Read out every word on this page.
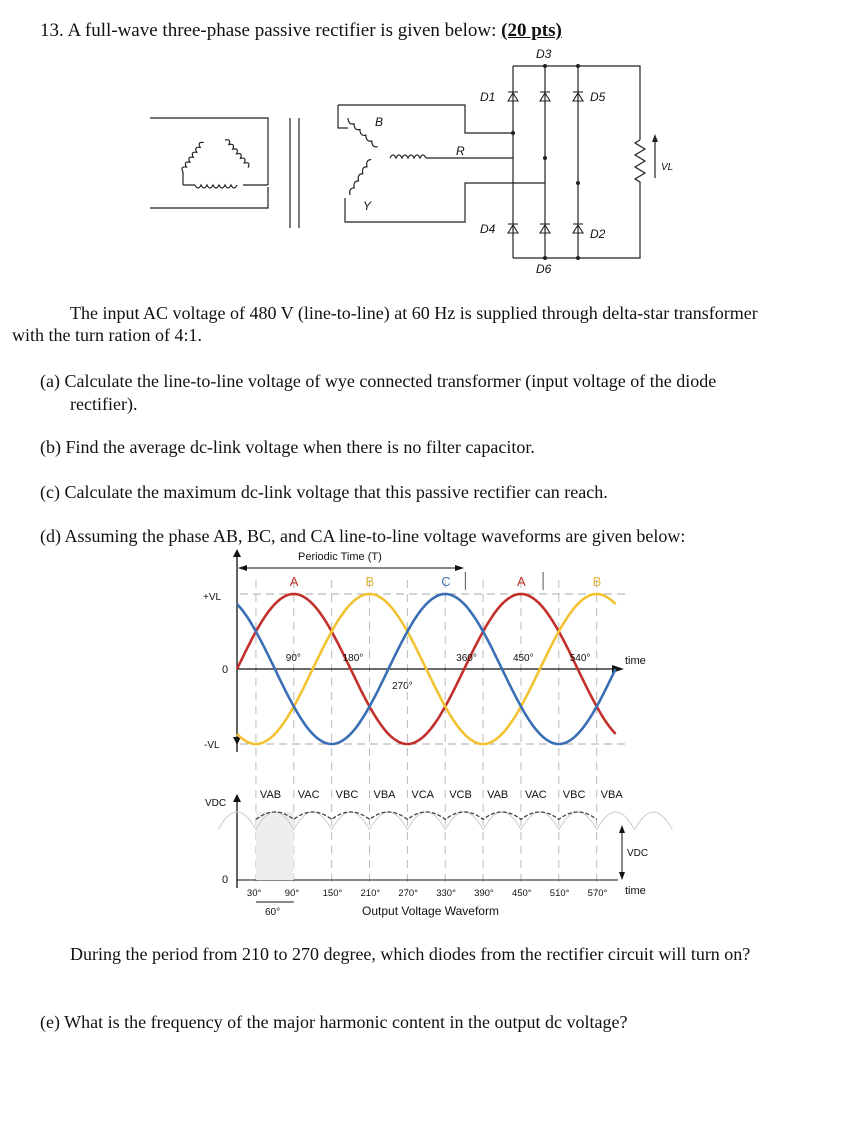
13. A full-wave three-phase passive rectifier is given below: (20 pts)
D3
D1	D5
D4	D2
D6
B
Y
R
VL
The input AC voltage of 480 V (line-to-line) at 60 Hz is supplied through delta-star transformer
with the turn ration of 4:1.
(a) Calculate the line-to-line voltage of wye connected transformer (input voltage of the diode
rectifier).
(b) Find the average dc-link voltage when there is no filter capacitor.
(c) Calculate the maximum dc-link voltage that this passive rectifier can reach.
(d) Assuming the phase AB, BC, and CA line-to-line voltage waveforms are given below:
Periodic Time (T)
+VL
0
-VL
time
270°
VDC
0
VDC
time
60°	Output Voltage Waveform
A	B	C	A	B
90°	180°	360°	450°	540°
VAB VAC VBC VBA VCA VCB VAB VAC VBC VBA
30° 90° 150° 210° 270° 330° 390° 450° 510° 570°
During the period from 210 to 270 degree, which diodes from the rectifier circuit will turn on?
(e) What is the frequency of the major harmonic content in the output dc voltage?
